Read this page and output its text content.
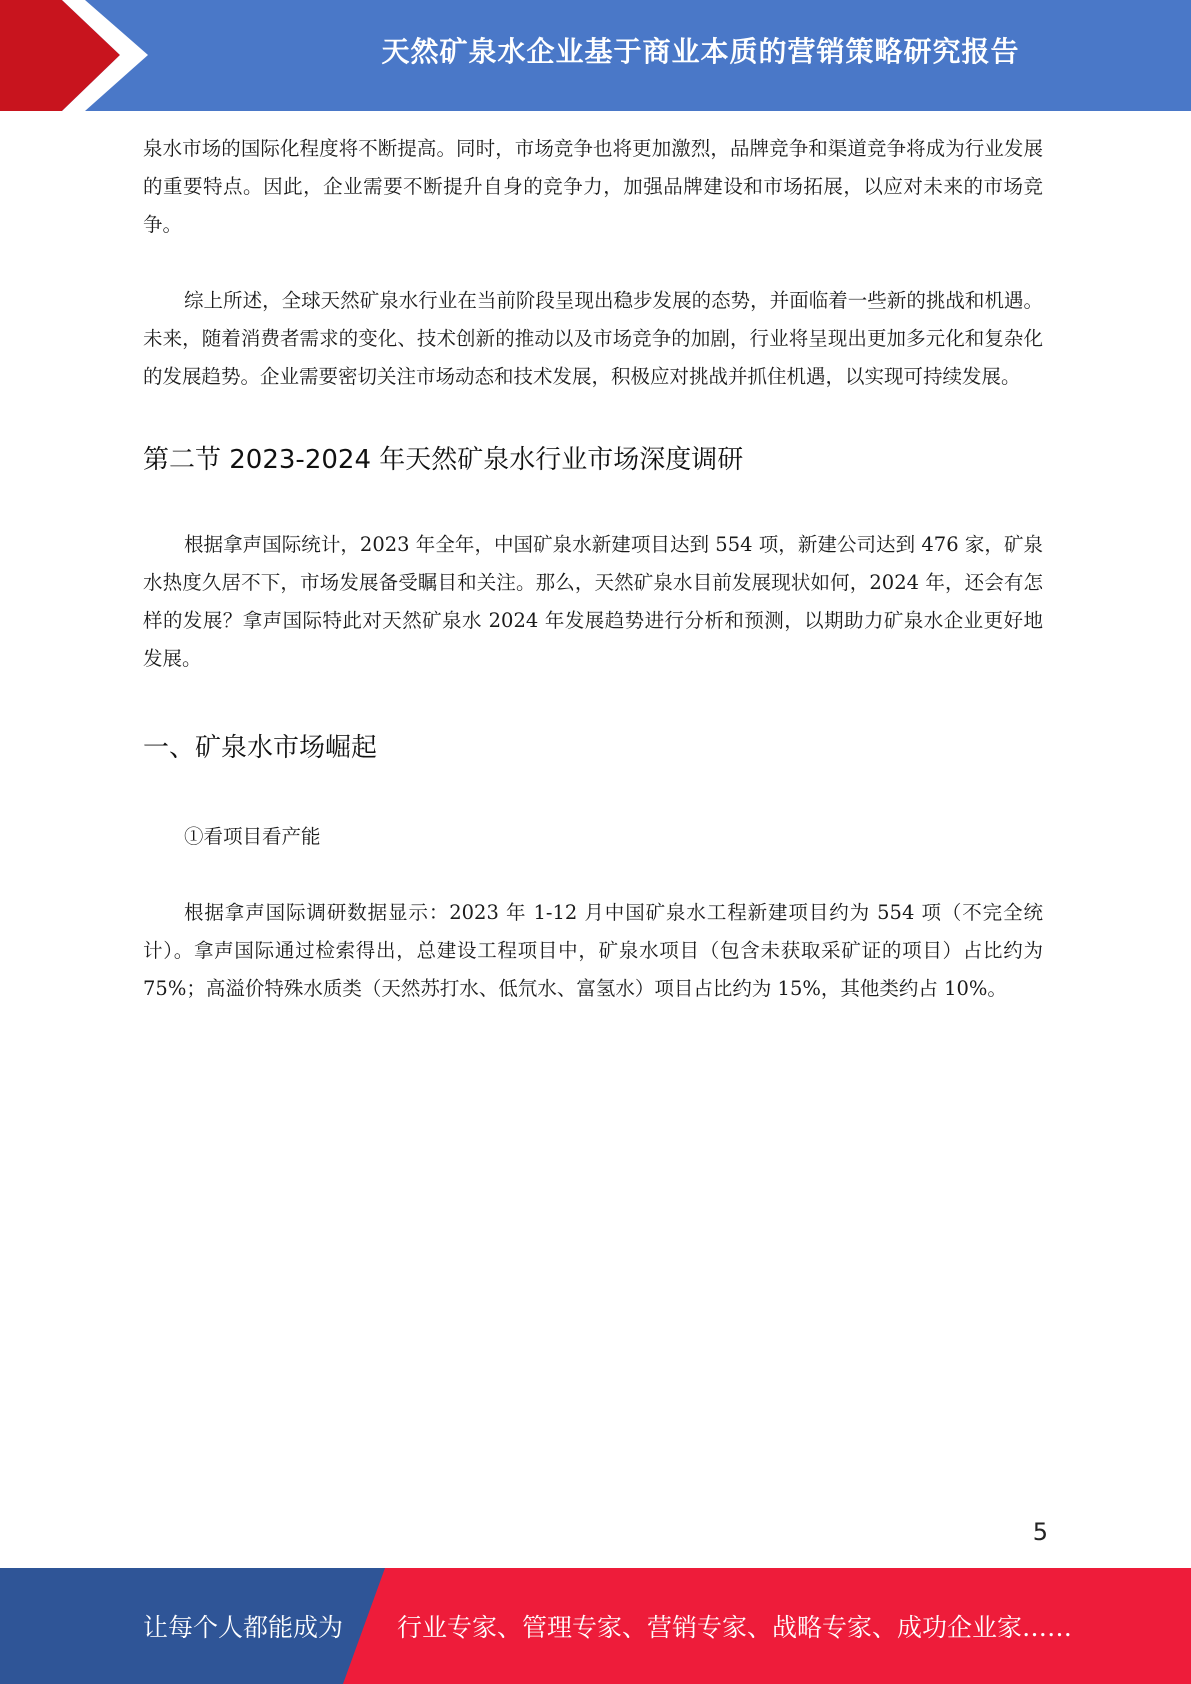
天然矿泉水企业基于商业本质的营销策略研究报告

泉水市场的国际化程度将不断提高。同时，市场竞争也将更加激烈，品牌竞争和渠道竞争将成为行业发展的重要特点。因此，企业需要不断提升自身的竞争力，加强品牌建设和市场拓展，以应对未来的市场竞争。

综上所述，全球天然矿泉水行业在当前阶段呈现出稳步发展的态势，并面临着一些新的挑战和机遇。未来，随着消费者需求的变化、技术创新的推动以及市场竞争的加剧，行业将呈现出更加多元化和复杂化的发展趋势。企业需要密切关注市场动态和技术发展，积极应对挑战并抓住机遇，以实现可持续发展。

第二节 2023-2024 年天然矿泉水行业市场深度调研

根据拿声国际统计，2023 年全年，中国矿泉水新建项目达到 554 项，新建公司达到 476 家，矿泉水热度久居不下，市场发展备受瞩目和关注。那么，天然矿泉水目前发展现状如何，2024 年，还会有怎样的发展？拿声国际特此对天然矿泉水 2024 年发展趋势进行分析和预测，以期助力矿泉水企业更好地发展。

一、矿泉水市场崛起

①看项目看产能

根据拿声国际调研数据显示：2023 年 1-12 月中国矿泉水工程新建项目约为 554 项（不完全统计）。拿声国际通过检索得出，总建设工程项目中，矿泉水项目（包含未获取采矿证的项目）占比约为 75%；高溢价特殊水质类（天然苏打水、低氘水、富氢水）项目占比约为 15%，其他类约占 10%。

5
让每个人都能成为 行业专家、管理专家、营销专家、战略专家、成功企业家……
